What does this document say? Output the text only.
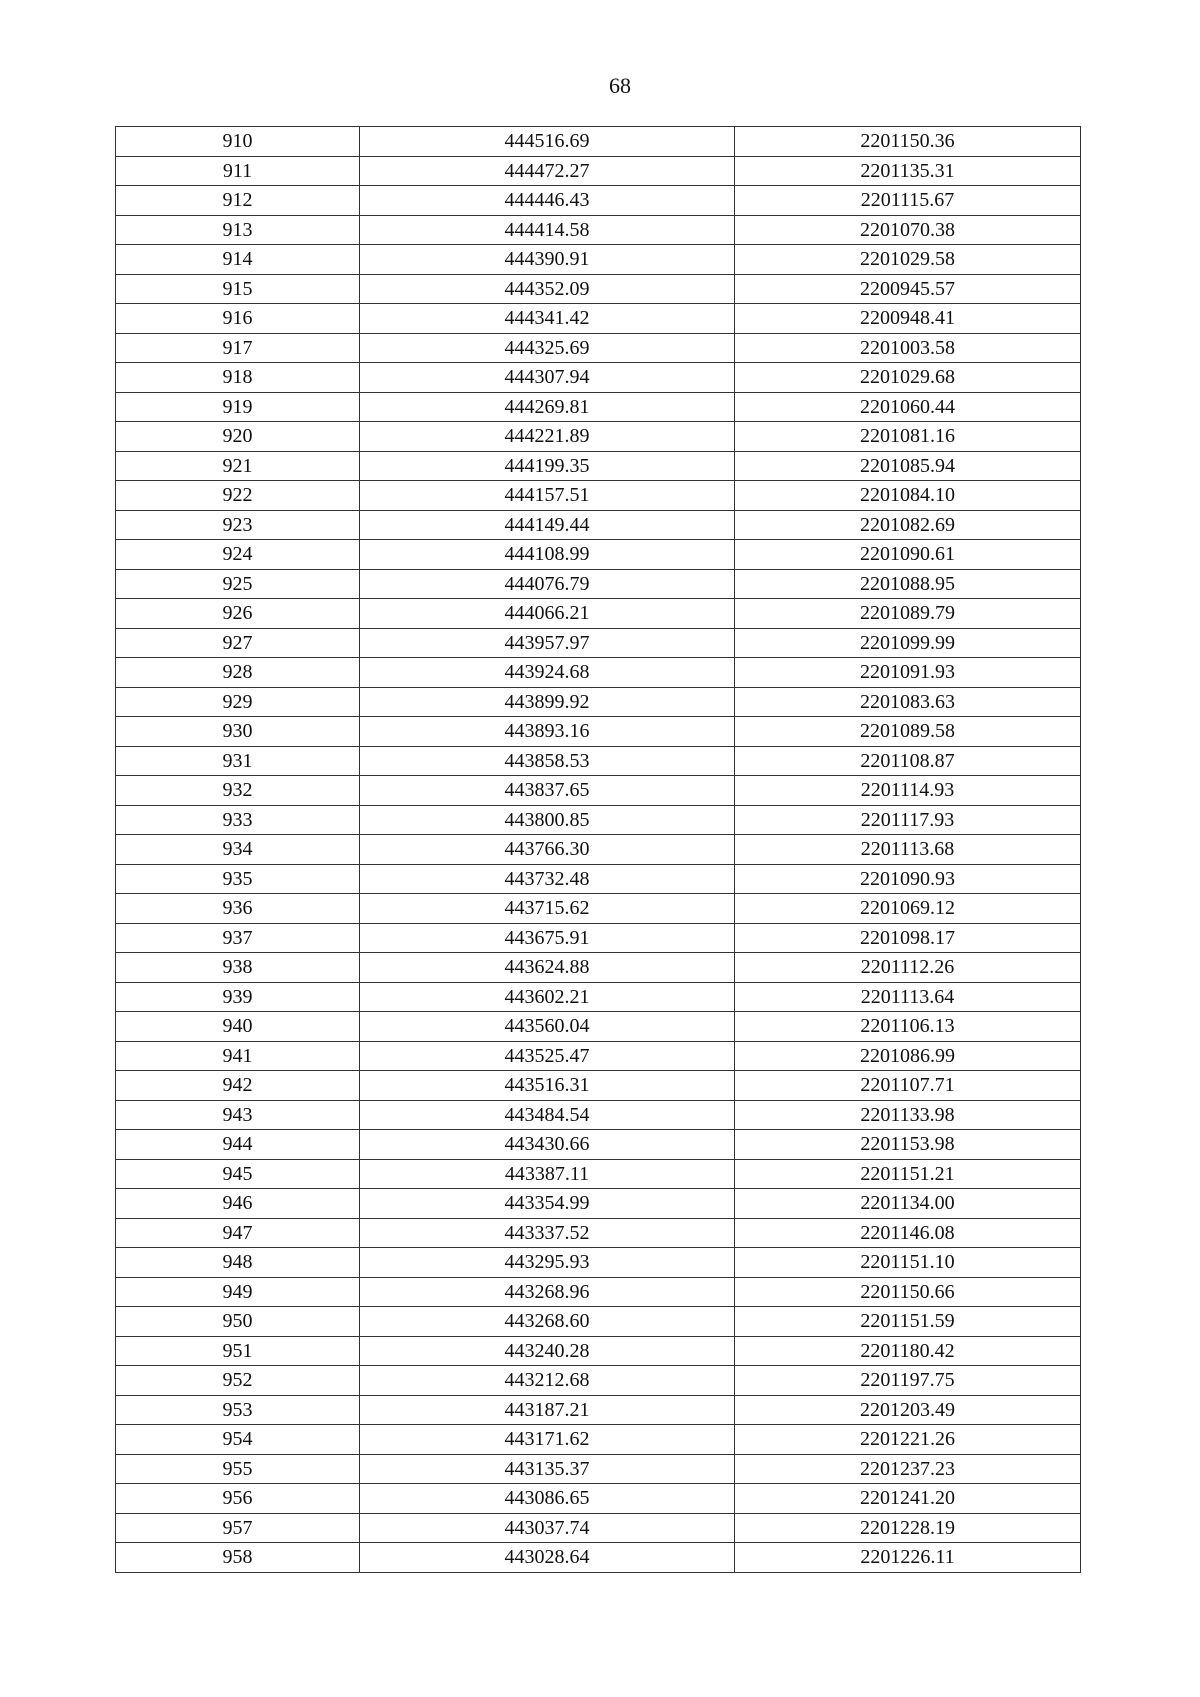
68
910	444516.69	2201150.36
911	444472.27	2201135.31
912	444446.43	2201115.67
913	444414.58	2201070.38
914	444390.91	2201029.58
915	444352.09	2200945.57
916	444341.42	2200948.41
917	444325.69	2201003.58
918	444307.94	2201029.68
919	444269.81	2201060.44
920	444221.89	2201081.16
921	444199.35	2201085.94
922	444157.51	2201084.10
923	444149.44	2201082.69
924	444108.99	2201090.61
925	444076.79	2201088.95
926	444066.21	2201089.79
927	443957.97	2201099.99
928	443924.68	2201091.93
929	443899.92	2201083.63
930	443893.16	2201089.58
931	443858.53	2201108.87
932	443837.65	2201114.93
933	443800.85	2201117.93
934	443766.30	2201113.68
935	443732.48	2201090.93
936	443715.62	2201069.12
937	443675.91	2201098.17
938	443624.88	2201112.26
939	443602.21	2201113.64
940	443560.04	2201106.13
941	443525.47	2201086.99
942	443516.31	2201107.71
943	443484.54	2201133.98
944	443430.66	2201153.98
945	443387.11	2201151.21
946	443354.99	2201134.00
947	443337.52	2201146.08
948	443295.93	2201151.10
949	443268.96	2201150.66
950	443268.60	2201151.59
951	443240.28	2201180.42
952	443212.68	2201197.75
953	443187.21	2201203.49
954	443171.62	2201221.26
955	443135.37	2201237.23
956	443086.65	2201241.20
957	443037.74	2201228.19
958	443028.64	2201226.11
